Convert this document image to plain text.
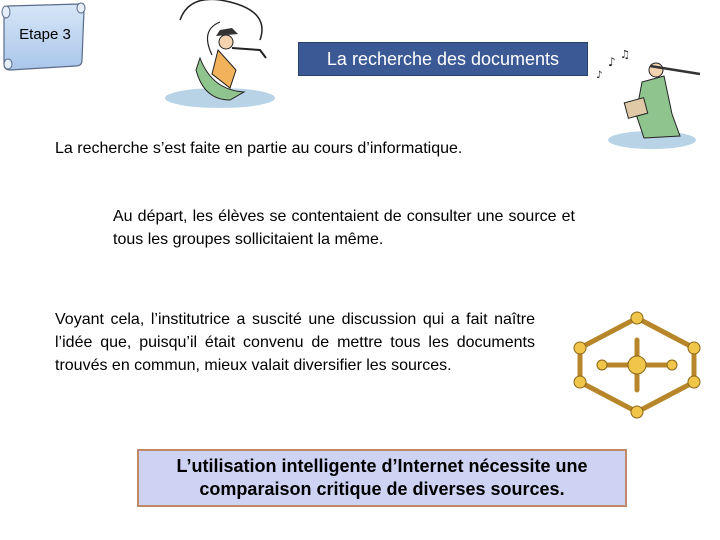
Etape 3
La recherche des documents	♪
♫
♪
La recherche s’est faite en partie au cours d’informatique.
Au départ, les élèves se contentaient de consulter une source et tous les groupes sollicitaient la même.
Voyant cela, l’institutrice a suscité une discussion qui a fait naître l’idée que, puisqu’il était convenu de mettre tous les documents trouvés en commun, mieux valait diversifier les sources.
L’utilisation intelligente d’Internet nécessite une comparaison critique de diverses sources.
